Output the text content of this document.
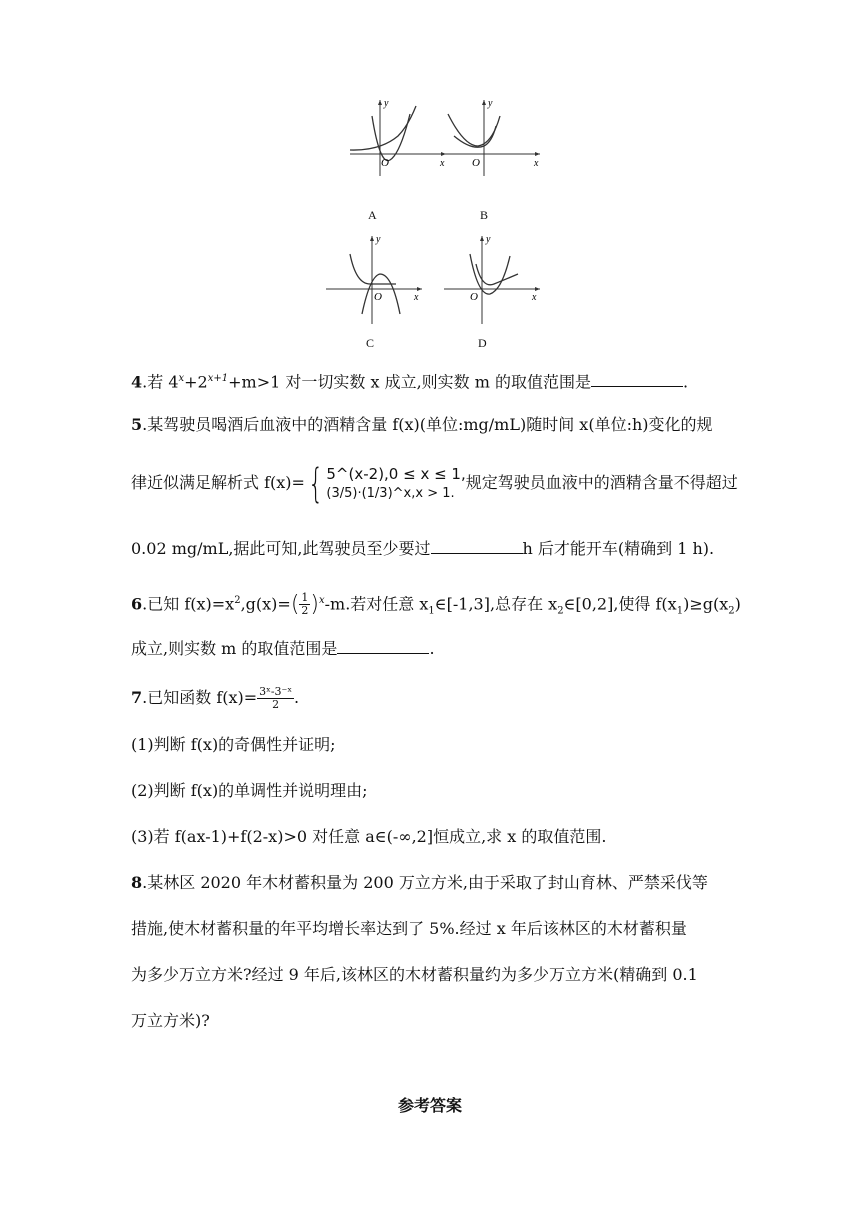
O
y
x
A
O
y
x
B
O
y
x
C
O
y
x
D
4.若 $4^x+2^{x+1}+m>1$ 对一切实数 x 成立,则实数 m 的取值范围是	.
5.某驾驶员喝酒后血液中的酒精含量 f(x)(单位:mg/mL)随时间 x(单位:h)变化的规
律近似满足解析式 f(x)={ 5^(x-2),0 ≤ x ≤ 1,
(3/5)·(1/3)^x,x > 1.
规定驾驶员血液中的酒精含量不得超过
0.02 mg/mL,据此可知,此驾驶员至少要过	h 后才能开车(精确到 1 h).
6.已知 $f(x)=x^2,g(x)=( \frac{1}{2} )^x-m$.若对任意 $x_1\in[-1,3]$,总存在 $x_2\in[0,2]$,使得 $f(x_1)\ge g(x_2)$
成立,则实数 m 的取值范围是	.
7.已知函数 $f(x)= \frac{\text{3ˣ-3⁻ˣ}}{2}$ .
(1)判断 f(x)的奇偶性并证明;
(2)判断 f(x)的单调性并说明理由;
(3)若 f(ax-1)+f(2-x)>0 对任意 a∈(-∞,2]恒成立,求 x 的取值范围.
8.某林区 2020 年木材蓄积量为 200 万立方米,由于采取了封山育林、严禁采伐等
措施,使木材蓄积量的年平均增长率达到了 5%.经过 x 年后该林区的木材蓄积量
为多少万立方米?经过 9 年后,该林区的木材蓄积量约为多少万立方米(精确到 0.1
万立方米)?
参考答案
